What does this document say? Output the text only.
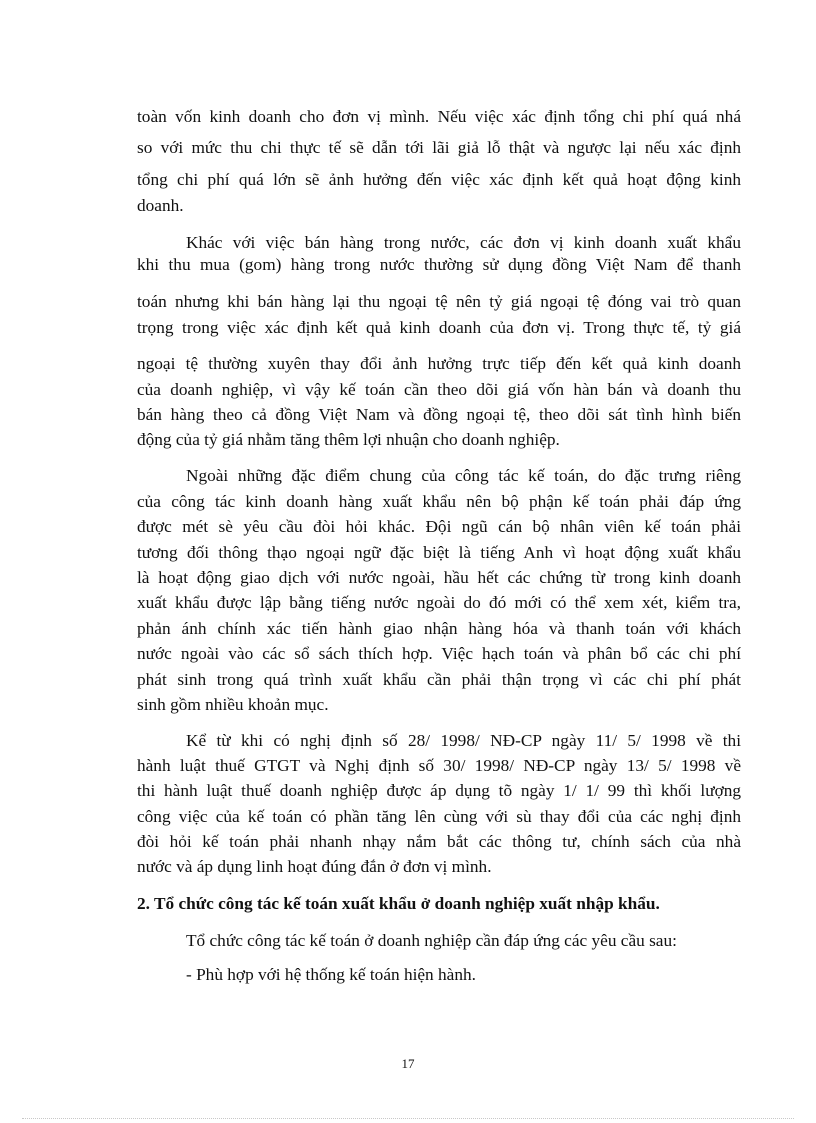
toàn vốn kinh doanh cho đơn vị mình. Nếu việc xác định tổng chi phí quá nhá
so với mức thu chi thực tế sẽ dẫn tới lãi giả lỗ thật và ngược lại nếu xác định
tổng chi phí quá lớn sẽ ảnh hưởng đến việc xác định kết quả hoạt động kinh
doanh.
Khác với việc bán hàng trong nước, các đơn vị kinh doanh xuất khẩu
khi thu mua (gom) hàng trong nước thường sử dụng đồng Việt Nam để thanh
toán nhưng khi bán hàng lại thu ngoại tệ nên tỷ giá ngoại tệ đóng vai trò quan
trọng trong việc xác định kết quả kinh doanh của đơn vị. Trong thực tế, tỷ giá
ngoại tệ thường xuyên thay đổi ảnh hưởng trực tiếp đến kết quả kinh doanh
của doanh nghiệp, vì vậy kế toán cần theo dõi giá vốn hàn bán và doanh thu
bán hàng theo cả đồng Việt Nam và đồng ngoại tệ, theo dõi sát tình hình biến
động của tỷ giá nhằm tăng thêm lợi nhuận cho doanh nghiệp.
Ngoài những đặc điểm chung của công tác kế toán, do đặc trưng riêng
của công tác kinh doanh hàng xuất khẩu nên bộ phận kế toán phải đáp ứng
được mét sè yêu cầu đòi hỏi khác. Đội ngũ cán bộ nhân viên kế toán phải
tương đối thông thạo ngoại ngữ đặc biệt là tiếng Anh vì hoạt động xuất khẩu
là hoạt động giao dịch với nước ngoài, hầu hết các chứng từ trong kinh doanh
xuất khẩu được lập bằng tiếng nước ngoài do đó mới có thể xem xét, kiểm tra,
phản ánh chính xác tiến hành giao nhận hàng hóa và thanh toán với khách
nước ngoài vào các sổ sách thích hợp. Việc hạch toán và phân bổ các chi phí
phát sinh trong quá trình xuất khẩu cần phải thận trọng vì các chi phí phát
sinh gồm nhiều khoản mục.
Kể từ khi có nghị định số 28/ 1998/ NĐ-CP ngày 11/ 5/ 1998 về thi
hành luật thuế GTGT và Nghị định số 30/ 1998/ NĐ-CP ngày 13/ 5/ 1998 về
thi hành luật thuế doanh nghiệp được áp dụng tõ ngày 1/ 1/ 99 thì khối lượng
công việc của kế toán có phần tăng lên cùng với sù thay đổi của các nghị định
đòi hỏi kế toán phải nhanh nhạy nắm bắt các thông tư, chính sách của nhà
nước và áp dụng linh hoạt đúng đắn ở đơn vị mình.
2. Tổ chức công tác kế toán xuất khẩu ở doanh nghiệp xuất nhập khẩu.
Tổ chức công tác kế toán ở doanh nghiệp cần đáp ứng các yêu cầu sau:
- Phù hợp với hệ thống kế toán hiện hành.
17
